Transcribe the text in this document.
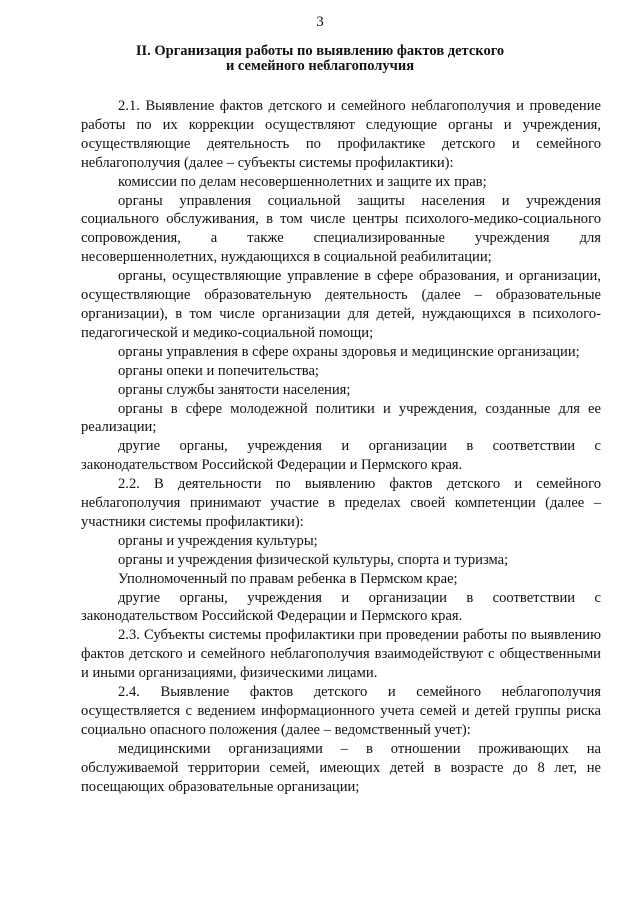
3
II. Организация работы по выявлению фактов детского
и семейного неблагополучия

2.1. Выявление фактов детского и семейного неблагополучия и проведение работы по их коррекции осуществляют следующие органы и учреждения, осуществляющие деятельность по профилактике детского и семейного неблагополучия (далее – субъекты системы профилактики):

комиссии по делам несовершеннолетних и защите их прав;

органы управления социальной защиты населения и учреждения социального обслуживания, в том числе центры психолого-медико-социального сопровождения, а также специализированные учреждения для несовершеннолетних, нуждающихся в социальной реабилитации;

органы, осуществляющие управление в сфере образования, и организации, осуществляющие образовательную деятельность (далее – образовательные организации), в том числе организации для детей, нуждающихся в психолого-педагогической и медико-социальной помощи;

органы управления в сфере охраны здоровья и медицинские организации;

органы опеки и попечительства;

органы службы занятости населения;

органы в сфере молодежной политики и учреждения, созданные для ее реализации;

другие органы, учреждения и организации в соответствии с законодательством Российской Федерации и Пермского края.

2.2. В деятельности по выявлению фактов детского и семейного неблагополучия принимают участие в пределах своей компетенции (далее – участники системы профилактики):

органы и учреждения культуры;

органы и учреждения физической культуры, спорта и туризма;

Уполномоченный по правам ребенка в Пермском крае;

другие органы, учреждения и организации в соответствии с законодательством Российской Федерации и Пермского края.

2.3. Субъекты системы профилактики при проведении работы по выявлению фактов детского и семейного неблагополучия взаимодействуют с общественными и иными организациями, физическими лицами.

2.4. Выявление фактов детского и семейного неблагополучия осуществляется с ведением информационного учета семей и детей группы риска социально опасного положения (далее – ведомственный учет):

медицинскими организациями – в отношении проживающих на обслуживаемой территории семей, имеющих детей в возрасте до 8 лет, не посещающих образовательные организации;
